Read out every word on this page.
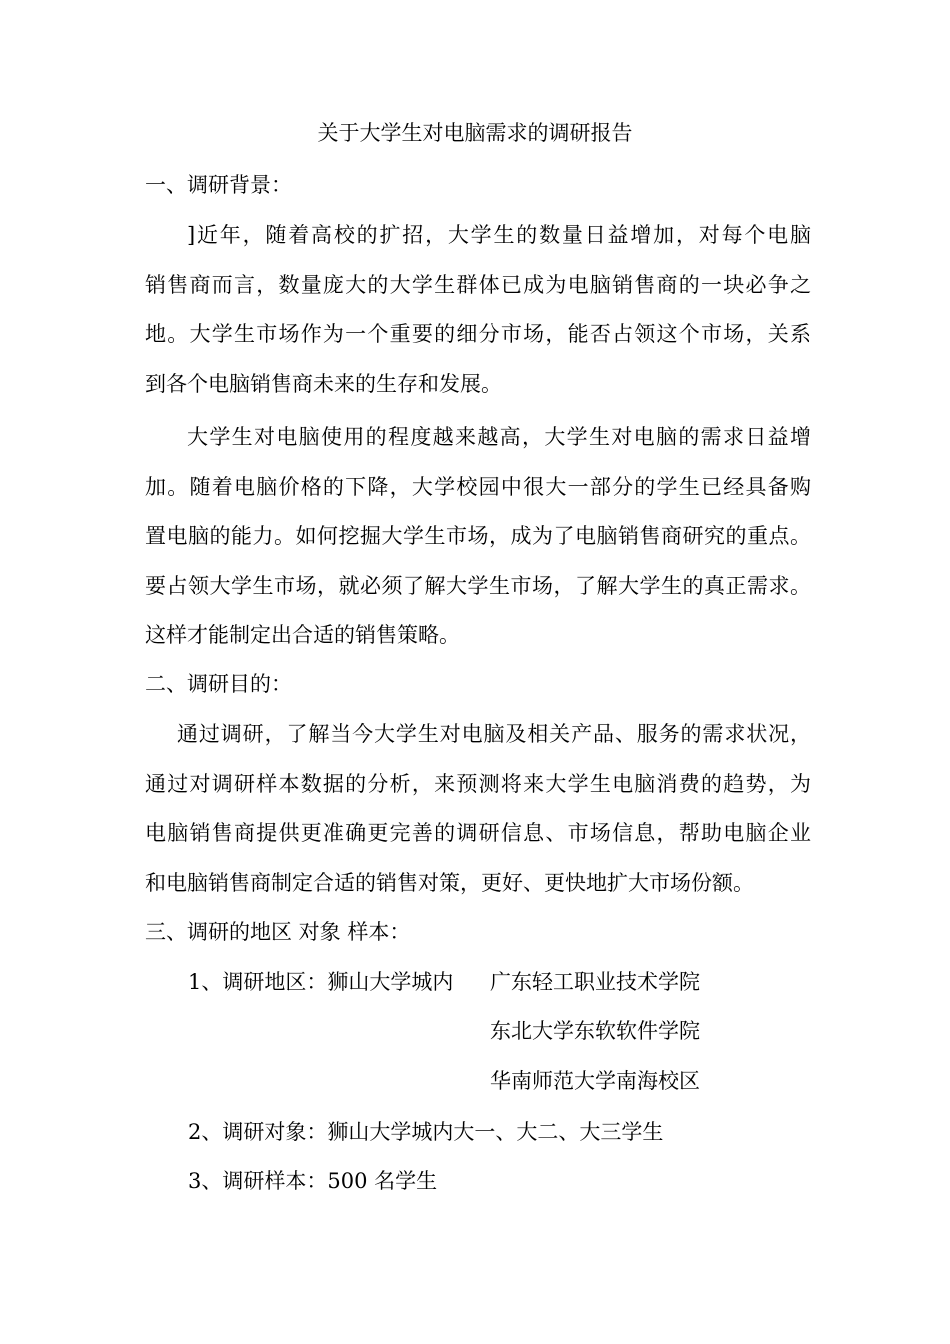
关于大学生对电脑需求的调研报告
一、调研背景：
]近年，随着高校的扩招，大学生的数量日益增加，对每个电脑
销售商而言，数量庞大的大学生群体已成为电脑销售商的一块必争之
地。大学生市场作为一个重要的细分市场，能否占领这个市场，关系
到各个电脑销售商未来的生存和发展。
大学生对电脑使用的程度越来越高，大学生对电脑的需求日益增
加。随着电脑价格的下降，大学校园中很大一部分的学生已经具备购
置电脑的能力。如何挖掘大学生市场，成为了电脑销售商研究的重点。
要占领大学生市场，就必须了解大学生市场，了解大学生的真正需求。
这样才能制定出合适的销售策略。
二、调研目的：
通过调研，了解当今大学生对电脑及相关产品、服务的需求状况，
通过对调研样本数据的分析，来预测将来大学生电脑消费的趋势，为
电脑销售商提供更准确更完善的调研信息、市场信息，帮助电脑企业
和电脑销售商制定合适的销售对策，更好、更快地扩大市场份额。
三、调研的地区 对象 样本：
1、调研地区：狮山大学城内 广东轻工职业技术学院
东北大学东软软件学院
华南师范大学南海校区
2、调研对象：狮山大学城内大一、大二、大三学生
3、调研样本：500 名学生
